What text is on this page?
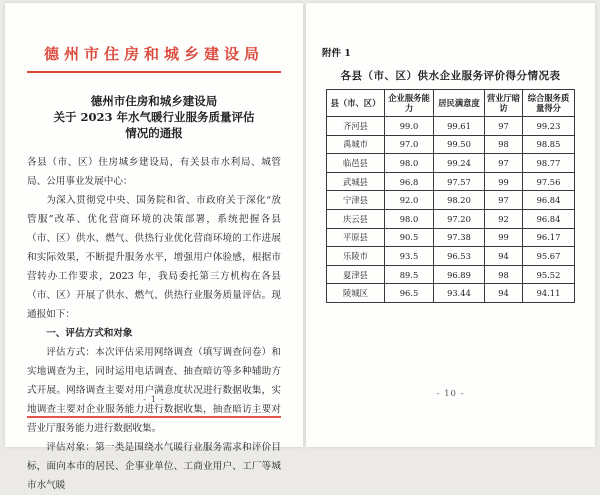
德州市住房和城乡建设局
德州市住房和城乡建设局
关于 2023 年水气暖行业服务质量评估
情况的通报

各县（市、区）住房城乡建设局，有关县市水利局、城管局、公用事业发展中心：

为深入贯彻党中央、国务院和省、市政府关于深化“放管服”改革、优化营商环境的决策部署，系统把握各县（市、区）供水、燃气、供热行业优化营商环境的工作进展和实际效果，不断提升服务水平，增强用户体验感，根据市营转办工作要求，2023 年，我局委托第三方机构在各县（市、区）开展了供水、燃气、供热行业服务质量评估。现通报如下：

一、评估方式和对象

评估方式：本次评估采用网络调查（填写调查问卷）和实地调查为主，同时运用电话调查、抽查暗访等多种辅助方式开展。网络调查主要对用户满意度状况进行数据收集，实地调查主要对企业服务能力进行数据收集，抽查暗访主要对营业厅服务能力进行数据收集。

评估对象：第一类是围绕水气暖行业服务需求和评价目标，面向本市的居民、企事业单位、工商业用户、工厂等城市水气暖

- 1 -
附件 1
各县（市、区）供水企业服务评价得分情况表
县（市、区）	企业服务能力	居民满意度	营业厅暗访	综合服务质量得分
齐河县	99.0	99.61	97	99.23
禹城市	97.0	99.50	98	98.85
临邑县	98.0	99.24	97	98.77
武城县	96.8	97.57	99	97.56
宁津县	92.0	98.20	97	96.84
庆云县	98.0	97.20	92	96.84
平原县	90.5	97.38	99	96.17
乐陵市	93.5	96.53	94	95.67
夏津县	89.5	96.89	98	95.52
陵城区	96.5	93.44	94	94.11
- 10 -
